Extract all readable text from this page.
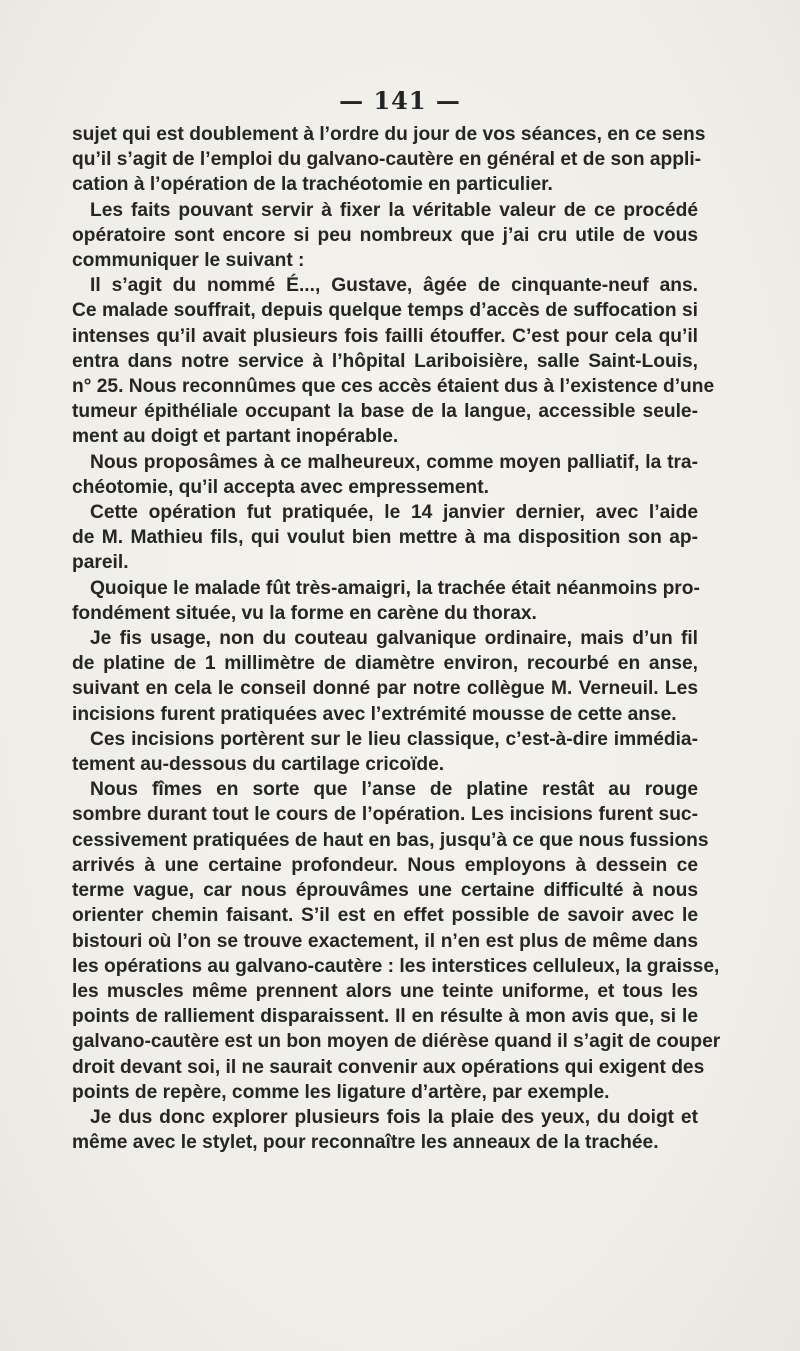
— 141 —

sujet qui est doublement à l’ordre du jour de vos séances, en ce sens
qu’il s’agit de l’emploi du galvano-cautère en général et de son appli-
cation à l’opération de la trachéotomie en particulier.

Les faits pouvant servir à fixer la véritable valeur de ce procédé
opératoire sont encore si peu nombreux que j’ai cru utile de vous
communiquer le suivant :

Il s’agit du nommé É..., Gustave, âgée de cinquante-neuf ans.
Ce malade souffrait, depuis quelque temps d’accès de suffocation si
intenses qu’il avait plusieurs fois failli étouffer. C’est pour cela qu’il
entra dans notre service à l’hôpital Lariboisière, salle Saint-Louis,
n° 25. Nous reconnûmes que ces accès étaient dus à l’existence d’une
tumeur épithéliale occupant la base de la langue, accessible seule-
ment au doigt et partant inopérable.

Nous proposâmes à ce malheureux, comme moyen palliatif, la tra-
chéotomie, qu’il accepta avec empressement.

Cette opération fut pratiquée, le 14 janvier dernier, avec l’aide
de M. Mathieu fils, qui voulut bien mettre à ma disposition son ap-
pareil.

Quoique le malade fût très-amaigri, la trachée était néanmoins pro-
fondément située, vu la forme en carène du thorax.

Je fis usage, non du couteau galvanique ordinaire, mais d’un fil
de platine de 1 millimètre de diamètre environ, recourbé en anse,
suivant en cela le conseil donné par notre collègue M. Verneuil. Les
incisions furent pratiquées avec l’extrémité mousse de cette anse.

Ces incisions portèrent sur le lieu classique, c’est-à-dire immédia-
tement au-dessous du cartilage cricoïde.

Nous fîmes en sorte que l’anse de platine restât au rouge
sombre durant tout le cours de l’opération. Les incisions furent suc-
cessivement pratiquées de haut en bas, jusqu’à ce que nous fussions
arrivés à une certaine profondeur. Nous employons à dessein ce
terme vague, car nous éprouvâmes une certaine difficulté à nous
orienter chemin faisant. S’il est en effet possible de savoir avec le
bistouri où l’on se trouve exactement, il n’en est plus de même dans
les opérations au galvano-cautère : les interstices celluleux, la graisse,
les muscles même prennent alors une teinte uniforme, et tous les
points de ralliement disparaissent. Il en résulte à mon avis que, si le
galvano-cautère est un bon moyen de diérèse quand il s’agit de couper
droit devant soi, il ne saurait convenir aux opérations qui exigent des
points de repère, comme les ligature d’artère, par exemple.

Je dus donc explorer plusieurs fois la plaie des yeux, du doigt et
même avec le stylet, pour reconnaître les anneaux de la trachée.
